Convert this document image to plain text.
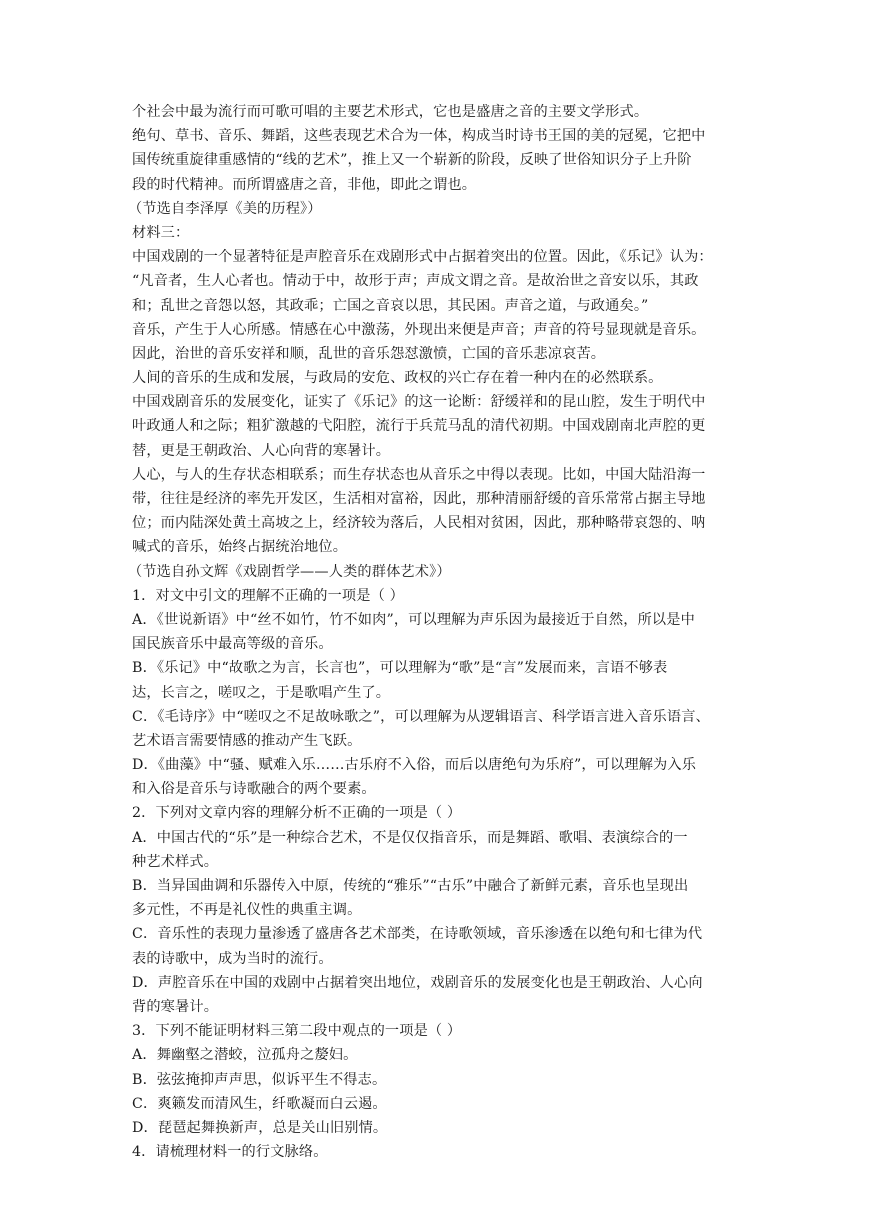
个社会中最为流行而可歌可唱的主要艺术形式，它也是盛唐之音的主要文学形式。
绝句、草书、音乐、舞蹈，这些表现艺术合为一体，构成当时诗书王国的美的冠冕，它把中
国传统重旋律重感情的“线的艺术”，推上又一个崭新的阶段，反映了世俗知识分子上升阶
段的时代精神。而所谓盛唐之音，非他，即此之谓也。
（节选自李泽厚《美的历程》）
材料三：
中国戏剧的一个显著特征是声腔音乐在戏剧形式中占据着突出的位置。因此，《乐记》认为：
“凡音者，生人心者也。情动于中，故形于声；声成文谓之音。是故治世之音安以乐，其政
和；乱世之音怨以怒，其政乖；亡国之音哀以思，其民困。声音之道，与政通矣。”
音乐，产生于人心所感。情感在心中激荡，外现出来便是声音；声音的符号显现就是音乐。
因此，治世的音乐安祥和顺，乱世的音乐怨怼激愤，亡国的音乐悲凉哀苦。
人间的音乐的生成和发展，与政局的安危、政权的兴亡存在着一种内在的必然联系。
中国戏剧音乐的发展变化，证实了《乐记》的这一论断：舒缓祥和的昆山腔，发生于明代中
叶政通人和之际；粗犷激越的弋阳腔，流行于兵荒马乱的清代初期。中国戏剧南北声腔的更
替，更是王朝政治、人心向背的寒暑计。
人心，与人的生存状态相联系；而生存状态也从音乐之中得以表现。比如，中国大陆沿海一
带，往往是经济的率先开发区，生活相对富裕，因此，那种清丽舒缓的音乐常常占据主导地
位；而内陆深处黄土高坡之上，经济较为落后，人民相对贫困，因此，那种略带哀怨的、呐
喊式的音乐，始终占据统治地位。
（节选自孙文辉《戏剧哲学——人类的群体艺术》）
1．对文中引文的理解不正确的一项是（ ）
A．《世说新语》中“丝不如竹，竹不如肉”，可以理解为声乐因为最接近于自然，所以是中
国民族音乐中最高等级的音乐。
B．《乐记》中“故歌之为言，长言也”，可以理解为“歌”是“言”发展而来，言语不够表
达，长言之，嗟叹之，于是歌唱产生了。
C．《毛诗序》中“嗟叹之不足故咏歌之”，可以理解为从逻辑语言、科学语言进入音乐语言、
艺术语言需要情感的推动产生飞跃。
D．《曲藻》中“骚、赋难入乐……古乐府不入俗，而后以唐绝句为乐府”，可以理解为入乐
和入俗是音乐与诗歌融合的两个要素。
2．下列对文章内容的理解分析不正确的一项是（ ）
A．中国古代的“乐”是一种综合艺术，不是仅仅指音乐，而是舞蹈、歌唱、表演综合的一
种艺术样式。
B．当异国曲调和乐器传入中原，传统的“雅乐”“古乐”中融合了新鲜元素，音乐也呈现出
多元性，不再是礼仪性的典重主调。
C．音乐性的表现力量渗透了盛唐各艺术部类，在诗歌领域，音乐渗透在以绝句和七律为代
表的诗歌中，成为当时的流行。
D．声腔音乐在中国的戏剧中占据着突出地位，戏剧音乐的发展变化也是王朝政治、人心向
背的寒暑计。
3．下列不能证明材料三第二段中观点的一项是（ ）
A．舞幽壑之潜蛟，泣孤舟之嫠妇。
B．弦弦掩抑声声思，似诉平生不得志。
C．爽籁发而清风生，纤歌凝而白云遏。
D．琵琶起舞换新声，总是关山旧别情。
4．请梳理材料一的行文脉络。
